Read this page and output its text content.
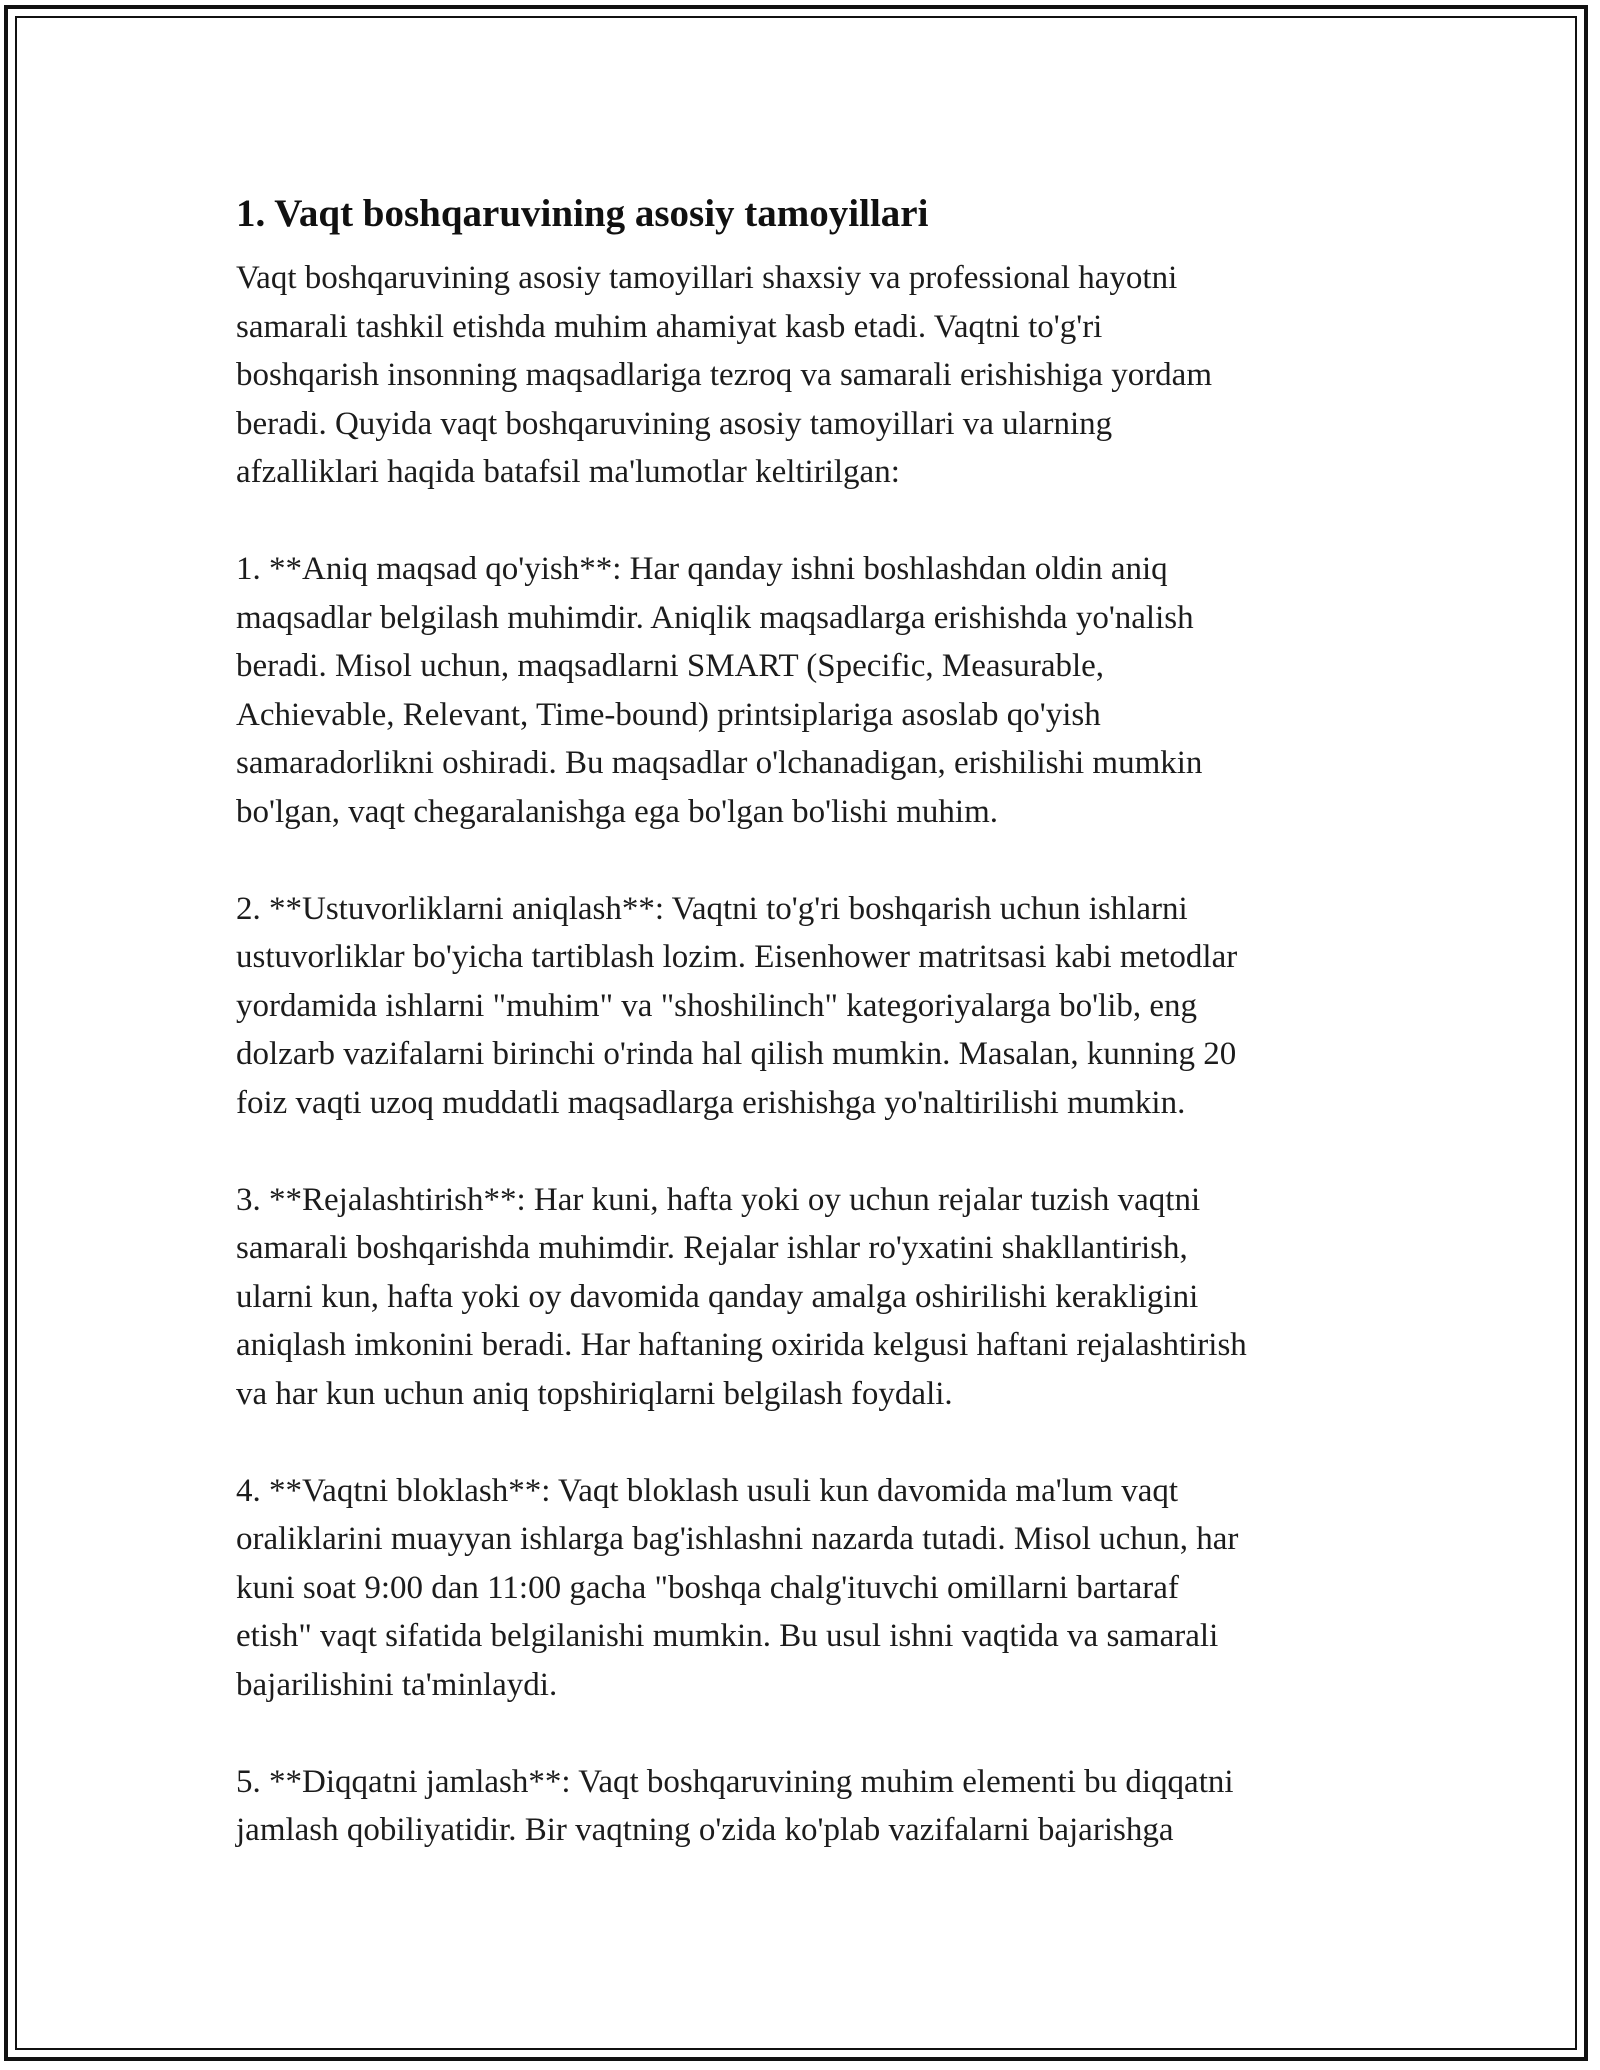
1. Vaqt boshqaruvining asosiy tamoyillari

Vaqt boshqaruvining asosiy tamoyillari shaxsiy va professional hayotni
samarali tashkil etishda muhim ahamiyat kasb etadi. Vaqtni to'g'ri
boshqarish insonning maqsadlariga tezroq va samarali erishishiga yordam
beradi. Quyida vaqt boshqaruvining asosiy tamoyillari va ularning
afzalliklari haqida batafsil ma'lumotlar keltirilgan:

1. **Aniq maqsad qo'yish**: Har qanday ishni boshlashdan oldin aniq
maqsadlar belgilash muhimdir. Aniqlik maqsadlarga erishishda yo'nalish
beradi. Misol uchun, maqsadlarni SMART (Specific, Measurable,
Achievable, Relevant, Time-bound) printsiplariga asoslab qo'yish
samaradorlikni oshiradi. Bu maqsadlar o'lchanadigan, erishilishi mumkin
bo'lgan, vaqt chegaralanishga ega bo'lgan bo'lishi muhim.

2. **Ustuvorliklarni aniqlash**: Vaqtni to'g'ri boshqarish uchun ishlarni
ustuvorliklar bo'yicha tartiblash lozim. Eisenhower matritsasi kabi metodlar
yordamida ishlarni "muhim" va "shoshilinch" kategoriyalarga bo'lib, eng
dolzarb vazifalarni birinchi o'rinda hal qilish mumkin. Masalan, kunning 20
foiz vaqti uzoq muddatli maqsadlarga erishishga yo'naltirilishi mumkin.

3. **Rejalashtirish**: Har kuni, hafta yoki oy uchun rejalar tuzish vaqtni
samarali boshqarishda muhimdir. Rejalar ishlar ro'yxatini shakllantirish,
ularni kun, hafta yoki oy davomida qanday amalga oshirilishi kerakligini
aniqlash imkonini beradi. Har haftaning oxirida kelgusi haftani rejalashtirish
va har kun uchun aniq topshiriqlarni belgilash foydali.

4. **Vaqtni bloklash**: Vaqt bloklash usuli kun davomida ma'lum vaqt
oraliklarini muayyan ishlarga bag'ishlashni nazarda tutadi. Misol uchun, har
kuni soat 9:00 dan 11:00 gacha "boshqa chalg'ituvchi omillarni bartaraf
etish" vaqt sifatida belgilanishi mumkin. Bu usul ishni vaqtida va samarali
bajarilishini ta'minlaydi.

5. **Diqqatni jamlash**: Vaqt boshqaruvining muhim elementi bu diqqatni
jamlash qobiliyatidir. Bir vaqtning o'zida ko'plab vazifalarni bajarishga
